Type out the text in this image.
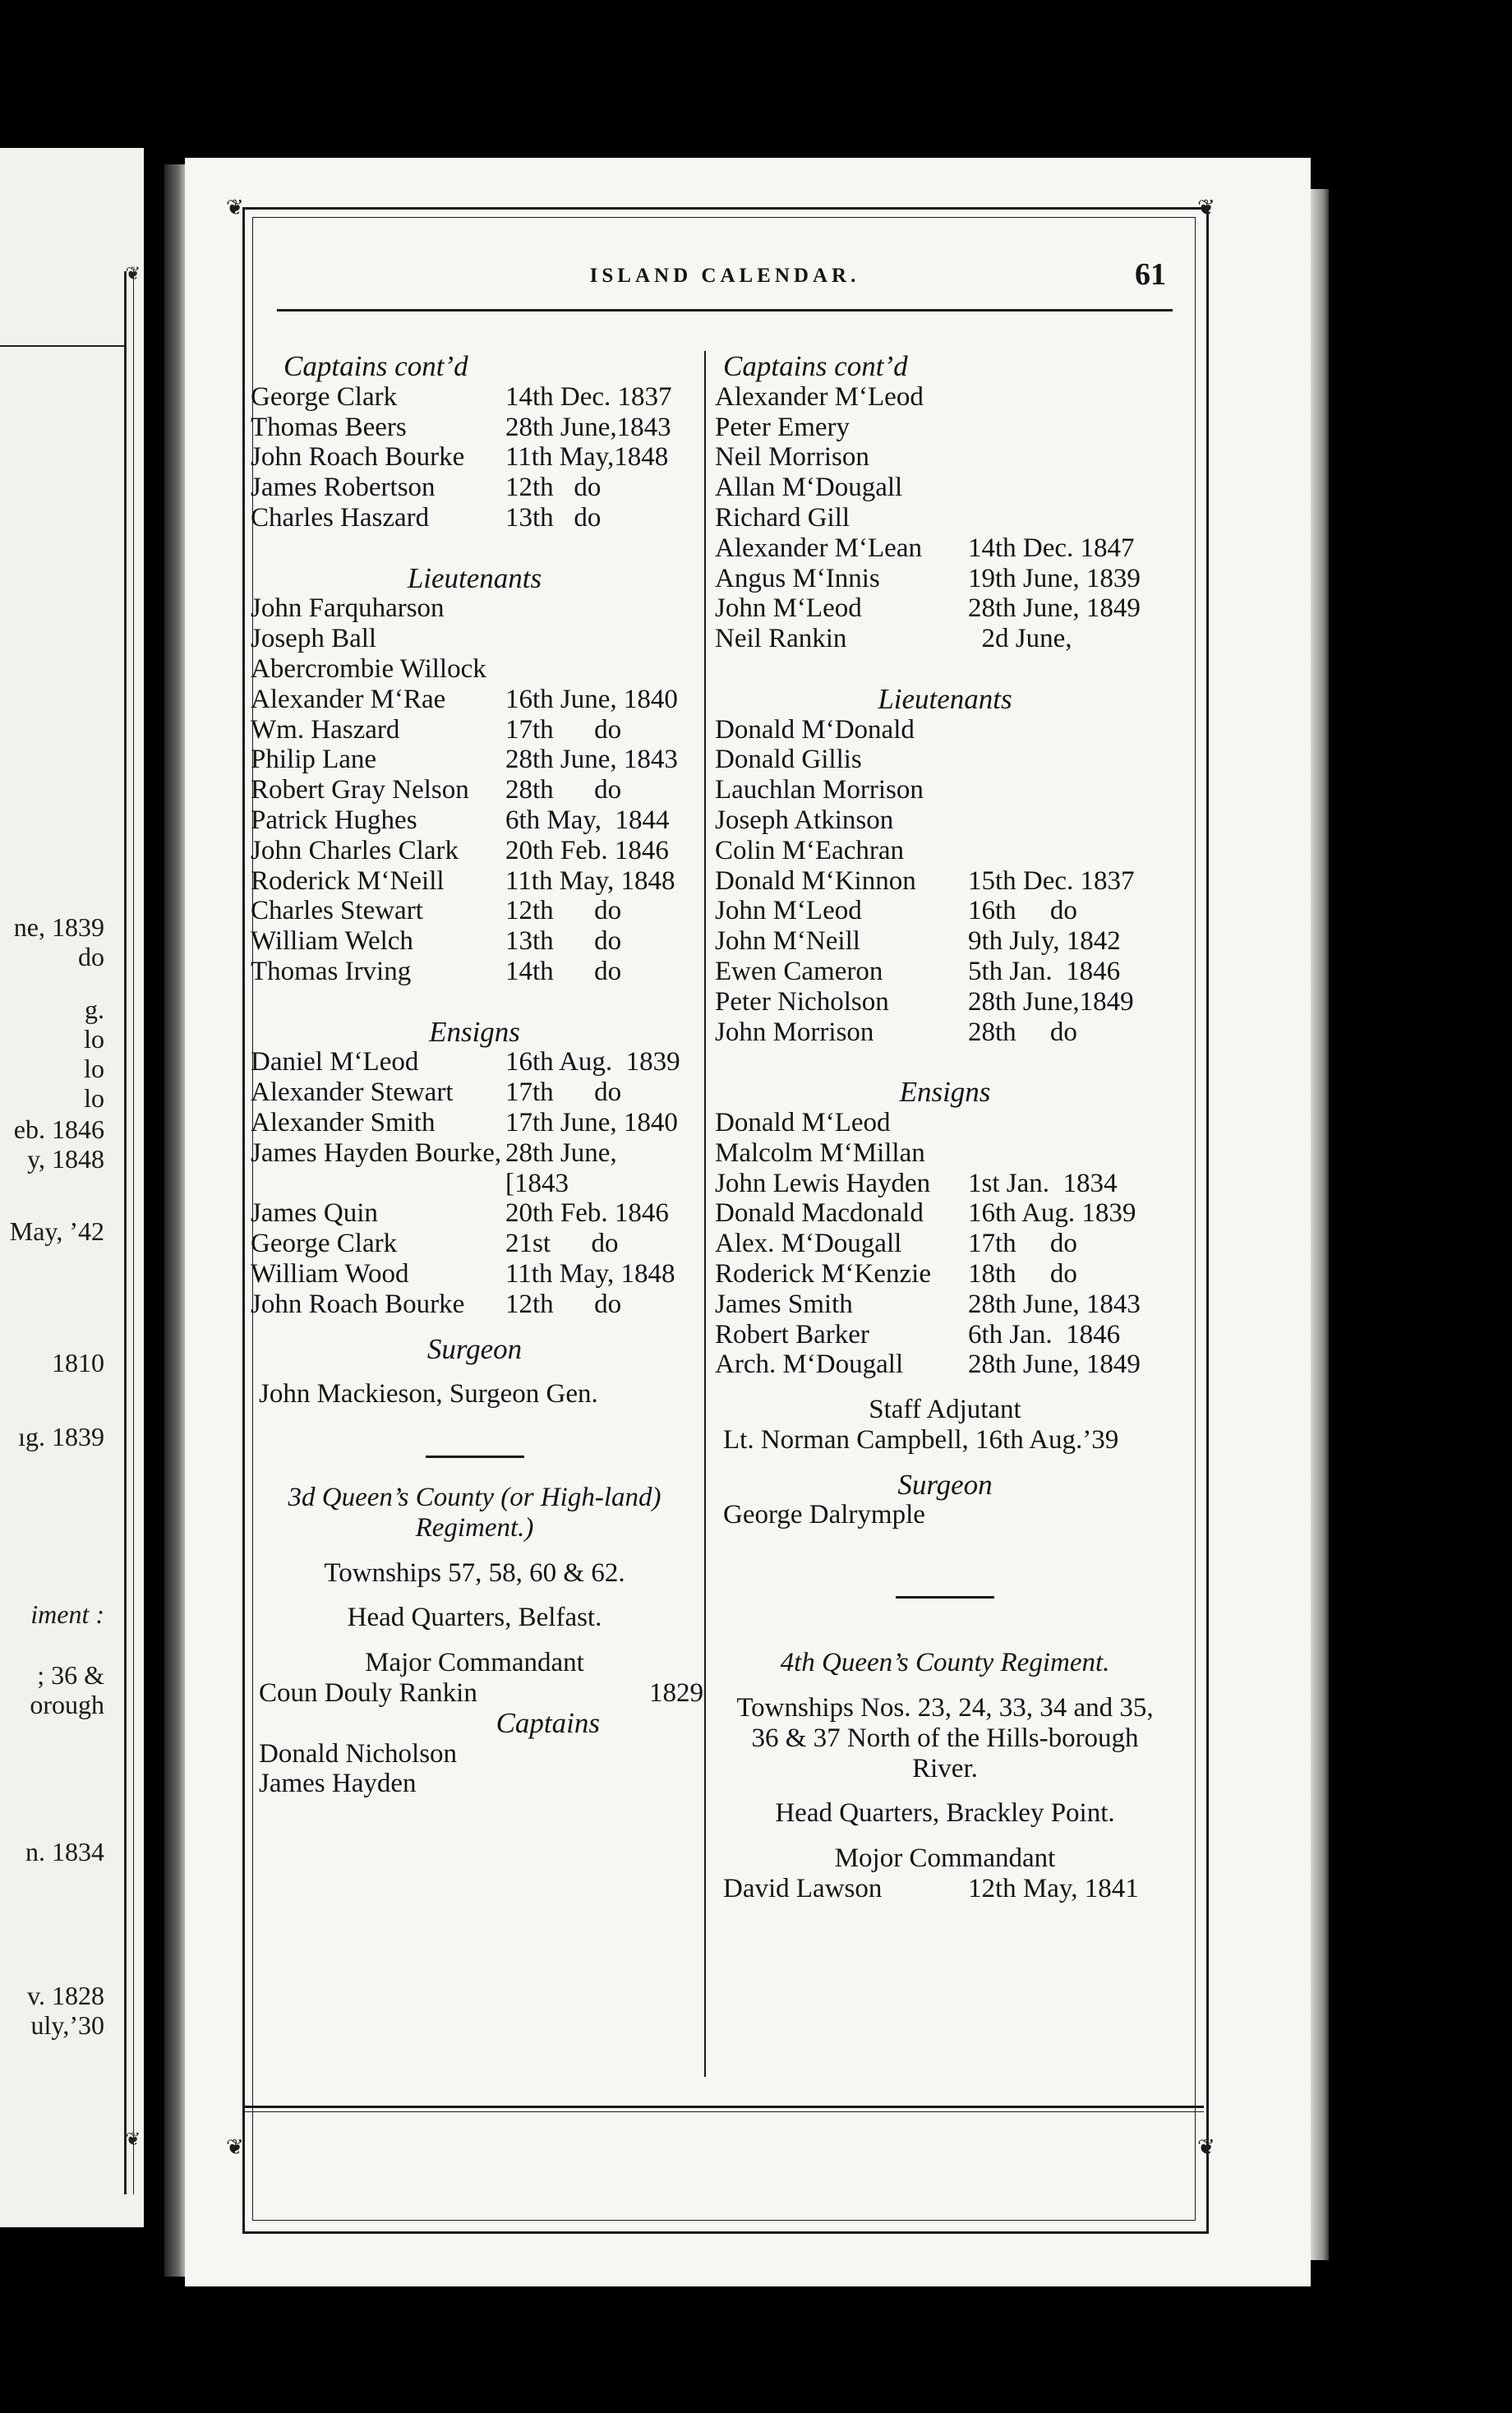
❦
❦
ne, 1839
do
g.
lo
lo
lo
eb. 1846
y, 1848
May, ’42
1810
ıg. 1839
iment :
; 36 &
orough
n. 1834
v. 1828
uly,’30
❦	❦
❦	❦
ISLAND CALENDAR.	61
Captains cont’d
George Clark	14th Dec. 1837
Thomas Beers	28th June,1843
John Roach Bourke 11th May,1848
James Robertson	12th   do
Charles Haszard	13th   do
Lieutenants
John Farquharson
Joseph Ball
Abercrombie Willock
Alexander M‘Rae 16th June, 1840
Wm. Haszard	17th      do
Philip Lane	28th June, 1843
Robert Gray Nelson 28th      do
Patrick Hughes	6th May,  1844
John Charles Clark 20th Feb. 1846
Roderick M‘Neill 11th May, 1848
Charles Stewart	12th      do
William Welch	13th      do
Thomas Irving	14th      do
Ensigns
Daniel M‘Leod	16th Aug.  1839
Alexander Stewart 17th      do
Alexander Smith	17th June, 1840
James Hayden Bourke, 28th June,
[1843
James Quin	20th Feb. 1846
George Clark	21st      do
William Wood	11th May, 1848
John Roach Bourke 12th      do
Surgeon
John Mackieson, Surgeon Gen.
3d Queen’s County (or High-land) Regiment.)
Townships 57, 58, 60 & 62.
Head Quarters, Belfast.
Major Commandant
Coun Douly Rankin	1829
Captains
Donald Nicholson
James Hayden
Captains cont’d
Alexander M‘Leod
Peter Emery
Neil Morrison
Allan M‘Dougall
Richard Gill
Alexander M‘Lean 14th Dec. 1847
Angus M‘Innis	19th June, 1839
John M‘Leod	28th June, 1849
Neil Rankin	2d June,
Lieutenants
Donald M‘Donald
Donald Gillis
Lauchlan Morrison
Joseph Atkinson
Colin M‘Eachran
Donald M‘Kinnon 15th Dec. 1837
John M‘Leod	16th     do
John M‘Neill	9th July, 1842
Ewen Cameron	5th Jan.  1846
Peter Nicholson	28th June,1849
John Morrison	28th     do
Ensigns
Donald M‘Leod
Malcolm M‘Millan
John Lewis Hayden 1st Jan.  1834
Donald Macdonald 16th Aug. 1839
Alex. M‘Dougall 17th     do
Roderick M‘Kenzie 18th     do
James Smith	28th June, 1843
Robert Barker	6th Jan.  1846
Arch. M‘Dougall 28th June, 1849
Staff Adjutant
Lt. Norman Campbell, 16th Aug.’39
Surgeon
George Dalrymple
4th Queen’s County Regiment.
Townships Nos. 23, 24, 33, 34 and 35, 36 & 37 North of the Hills-borough River.
Head Quarters, Brackley Point.
Mojor Commandant
David Lawson	12th May, 1841
